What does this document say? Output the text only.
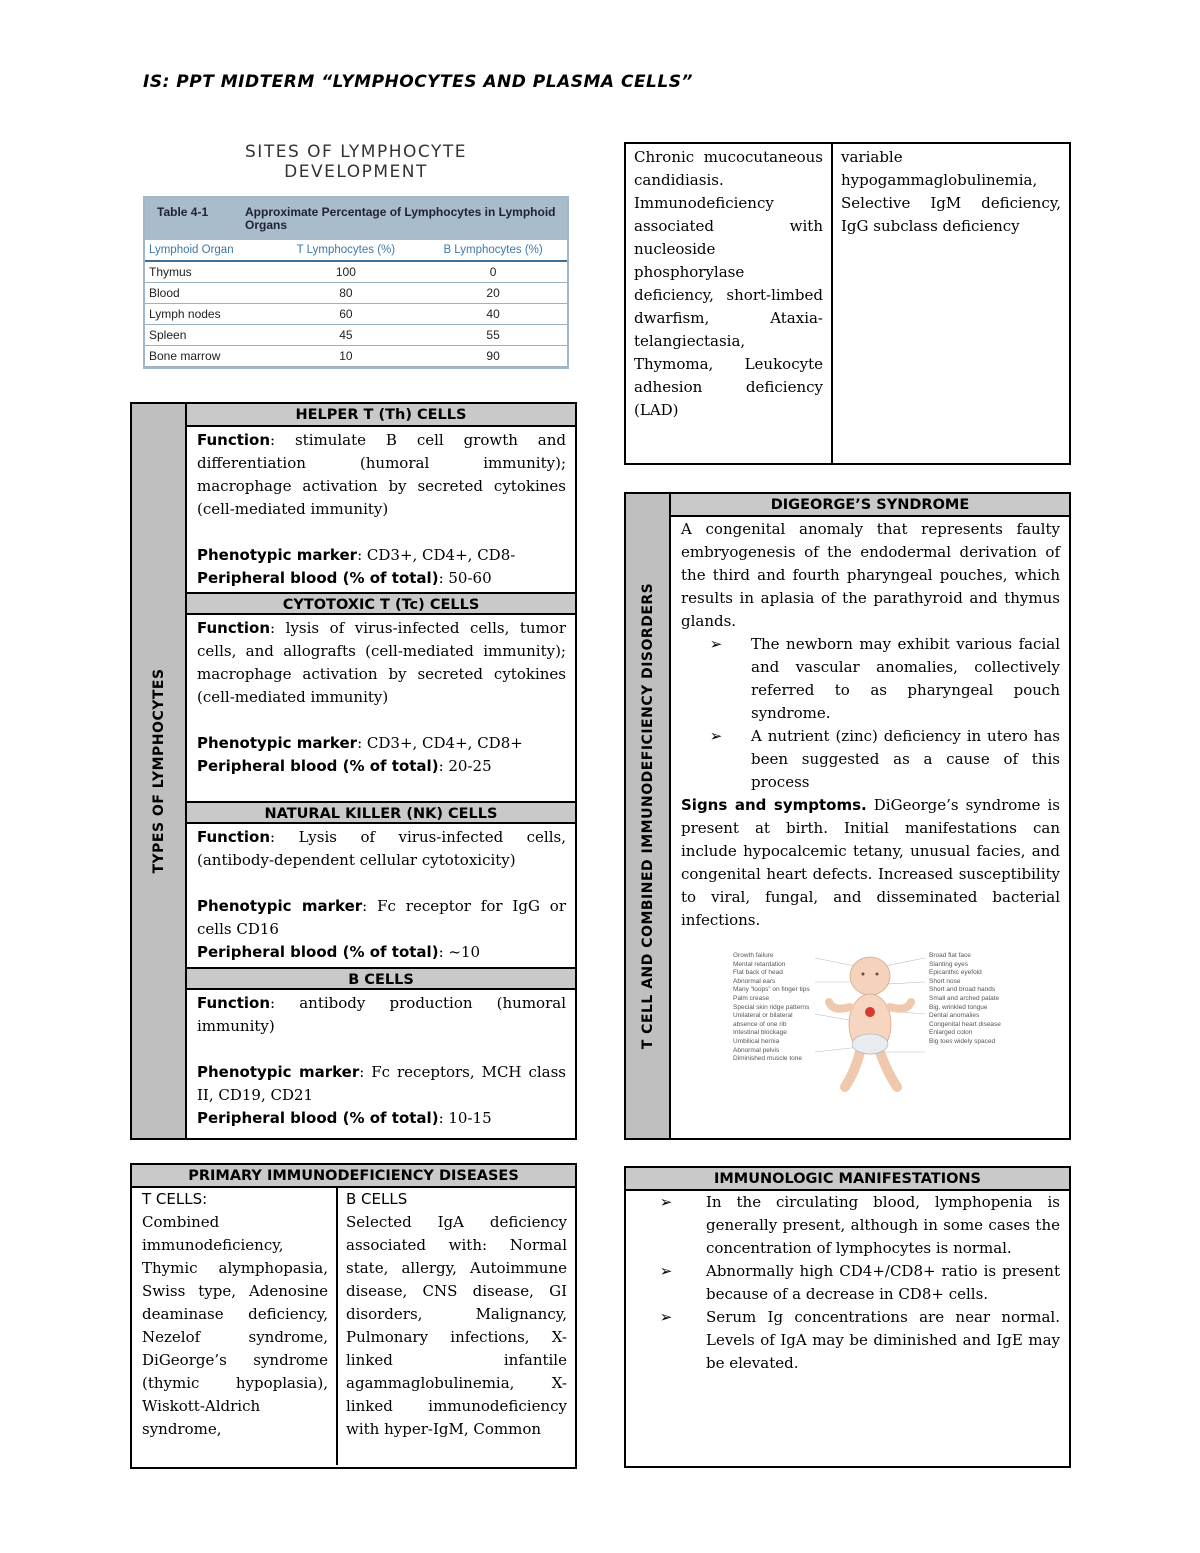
IS: PPT MIDTERM “LYMPHOCYTES AND PLASMA CELLS”
SITES OF LYMPHOCYTE
DEVELOPMENT
Table 4-1	Approximate Percentage of Lymphocytes in Lymphoid Organs
Lymphoid Organ	T Lymphocytes (%)	B Lymphocytes (%)
Thymus	100	0
Blood	80	20
Lymph nodes	60	40
Spleen	45	55
Bone marrow	10	90
TYPES OF LYMPHOCYTES
HELPER T (Th) CELLS
Function: stimulate B cell growth and differentiation (humoral immunity); macrophage activation by secreted cytokines (cell-mediated immunity)
Phenotypic marker: CD3+, CD4+, CD8-
Peripheral blood (% of total): 50-60
CYTOTOXIC T (Tc) CELLS
Function: lysis of virus-infected cells, tumor cells, and allografts (cell-mediated immunity); macrophage activation by secreted cytokines (cell-mediated immunity)
Phenotypic marker: CD3+, CD4+, CD8+
Peripheral blood (% of total): 20-25
NATURAL KILLER (NK) CELLS
Function: Lysis of virus-infected cells, (antibody-dependent cellular cytotoxicity)
Phenotypic marker: Fc receptor for IgG or cells CD16
Peripheral blood (% of total): ~10
B CELLS
Function: antibody production (humoral immunity)
Phenotypic marker: Fc receptors, MCH class II, CD19, CD21
Peripheral blood (% of total): 10-15
Chronic mucocutaneous candidiasis. Immunodeficiency associated with nucleoside phosphorylase deficiency, short-limbed dwarfism, Ataxia-telangiectasia, Thymoma, Leukocyte adhesion deficiency (LAD)
variable hypogammaglobulinemia, Selective IgM deficiency, IgG subclass deficiency
T CELL AND COMBINED IMMUNODEFICIENCY DISORDERS
DIGEORGE’S SYNDROME
A congenital anomaly that represents faulty embryogenesis of the endodermal derivation of the third and fourth pharyngeal pouches, which results in aplasia of the parathyroid and thymus glands.
➢	The newborn may exhibit various facial and vascular anomalies, collectively referred to as pharyngeal pouch syndrome.
➢	A nutrient (zinc) deficiency in utero has been suggested as a cause of this process
Signs and symptoms. DiGeorge’s syndrome is present at birth. Initial manifestations can include hypocalcemic tetany, unusual facies, and congenital heart defects. Increased susceptibility to viral, fungal, and disseminated bacterial infections.
Growth failure
Mental retardation
Flat back of head
Abnormal ears
Many “loops” on finger tips
Palm crease
Special skin ridge patterns
Unilateral or bilateral absence of one rib
Intestinal blockage
Umbilical hernia
Abnormal pelvis
Diminished muscle tone
Broad flat face
Slanting eyes
Epicanthic eyefold
Short nose
Short and broad hands
Small and arched palate
Big, wrinkled tongue
Dental anomalies
Congenital heart disease
Enlarged colon
Big toes widely spaced
PRIMARY IMMUNODEFICIENCY DISEASES
T CELLS:
Combined immunodeficiency, Thymic alymphopasia, Swiss type, Adenosine deaminase deficiency, Nezelof syndrome, DiGeorge’s syndrome (thymic hypoplasia), Wiskott-Aldrich syndrome,
B CELLS
Selected IgA deficiency associated with: Normal state, allergy, Autoimmune disease, CNS disease, GI disorders, Malignancy, Pulmonary infections, X-linked infantile agammaglobulinemia, X-linked immunodeficiency with hyper-IgM, Common
IMMUNOLOGIC MANIFESTATIONS
➢	In the circulating blood, lymphopenia is generally present, although in some cases the concentration of lymphocytes is normal.
➢	Abnormally high CD4+/CD8+ ratio is present because of a decrease in CD8+ cells.
➢	Serum Ig concentrations are near normal. Levels of IgA may be diminished and IgE may be elevated.
